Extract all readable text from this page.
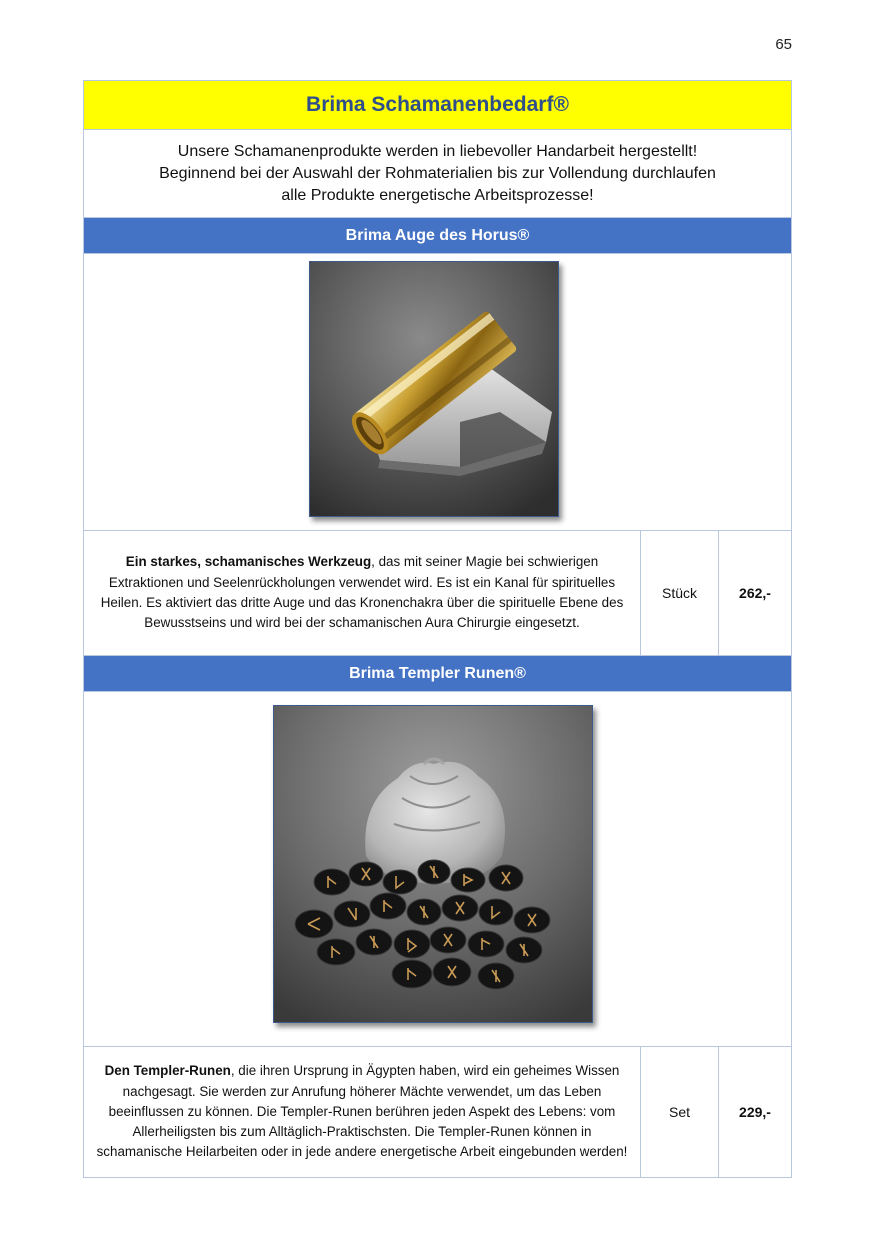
65
Brima Schamanenbedarf®
Unsere Schamanenprodukte werden in liebevoller Handarbeit hergestellt! Beginnend bei der Auswahl der Rohmaterialien bis zur Vollendung durchlaufen alle Produkte energetische Arbeitsprozesse!
Brima Auge des Horus®
Ein starkes, schamanisches Werkzeug, das mit seiner Magie bei schwierigen Extraktionen und Seelenrückholungen verwendet wird. Es ist ein Kanal für spirituelles Heilen. Es aktiviert das dritte Auge und das Kronenchakra über die spirituelle Ebene des Bewusstseins und wird bei der schamanischen Aura Chirurgie eingesetzt.
Stück	262,-
Brima Templer Runen®
Den Templer-Runen, die ihren Ursprung in Ägypten haben, wird ein geheimes Wissen nachgesagt. Sie werden zur Anrufung höherer Mächte verwendet, um das Leben beeinflussen zu können. Die Templer-Runen berühren jeden Aspekt des Lebens: vom Allerheiligsten bis zum Alltäglich-Praktischsten. Die Templer-Runen können in schamanische Heilarbeiten oder in jede andere energetische Arbeit eingebunden werden!
Set	229,-
